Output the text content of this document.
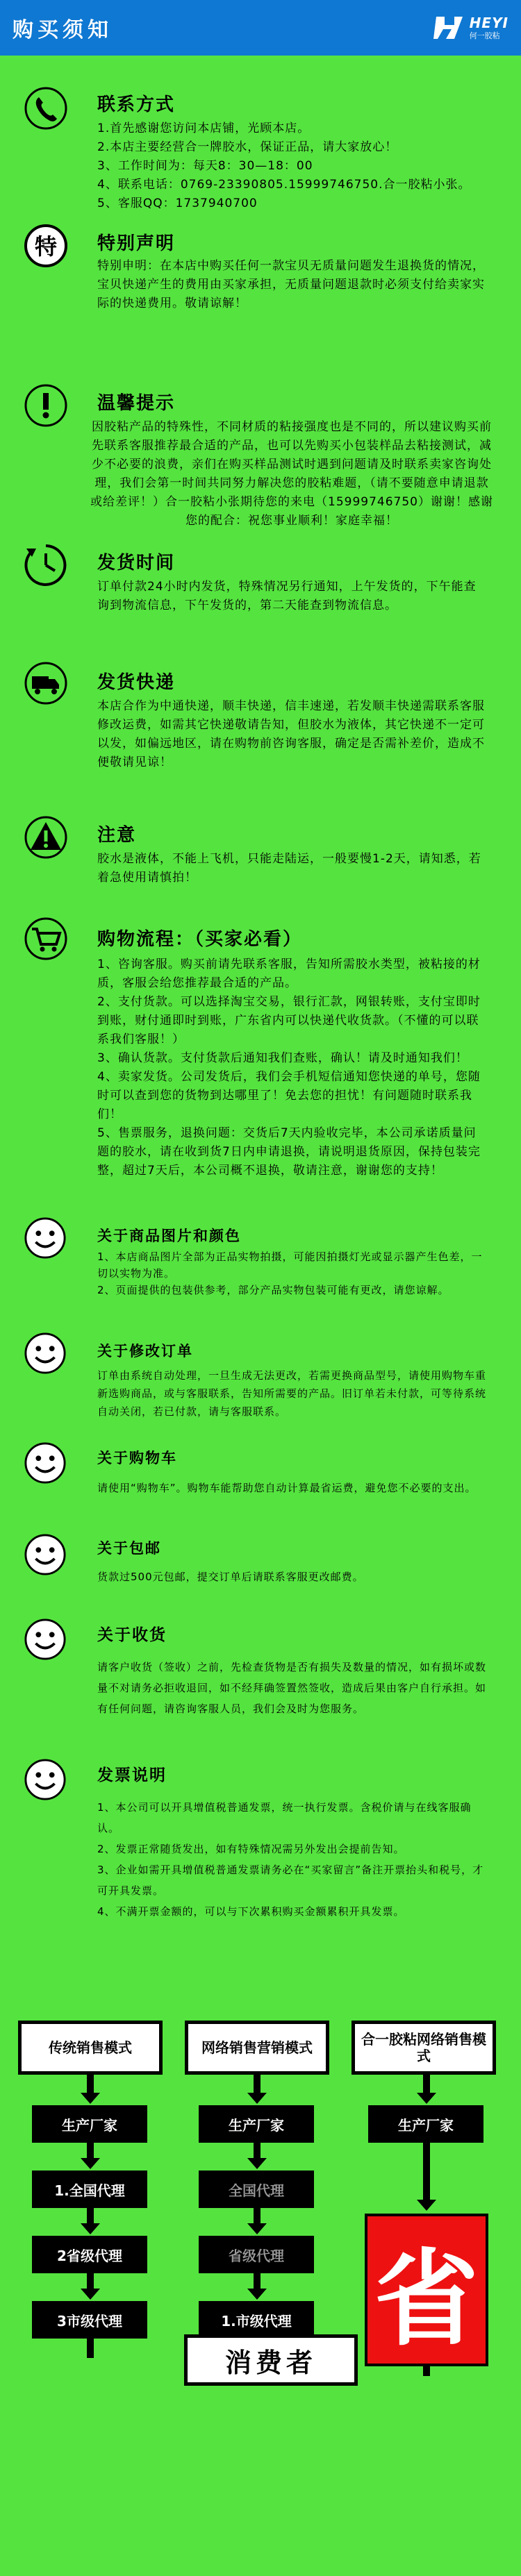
购买须知	HEYI
何一胶粘
联系方式
1.首先感谢您访问本店铺，光顾本店。
2.本店主要经营合一牌胶水，保证正品，请大家放心！
3、工作时间为：每天8：30—18：00
4、联系电话：0769-23390805.15999746750.合一胶粘小张。
5、客服QQ：1737940700
特 特别声明
特别申明：在本店中购买任何一款宝贝无质量问题发生退换货的情况，宝贝快递产生的费用由买家承担，无质量问题退款时必须支付给卖家实际的快递费用。敬请谅解！
温馨提示
因胶粘产品的特殊性，不同材质的粘接强度也是不同的，所以建议购买前先联系客服推荐最合适的产品，也可以先购买小包装样品去粘接测试，减少不必要的浪费，亲们在购买样品测试时遇到问题请及时联系卖家咨询处理，我们会第一时间共同努力解决您的胶粘难题，（请不要随意申请退款或给差评！）合一胶粘小张期待您的来电（15999746750）谢谢！感谢您的配合：祝您事业顺利！家庭幸福！
发货时间
订单付款24小时内发货，特殊情况另行通知，上午发货的，下午能查询到物流信息，下午发货的，第二天能查到物流信息。
发货快递
本店合作为中通快递，顺丰快递，信丰速递，若发顺丰快递需联系客服修改运费，如需其它快递敬请告知，但胶水为液体，其它快递不一定可以发，如偏远地区，请在购物前咨询客服，确定是否需补差价，造成不便敬请见谅！
注意
胶水是液体，不能上飞机，只能走陆运，一般要慢1-2天，请知悉，若着急使用请慎拍！
购物流程：（买家必看）
1、咨询客服。购买前请先联系客服，告知所需胶水类型，被粘接的材质，客服会给您推荐最合适的产品。
2、支付货款。可以选择淘宝交易，银行汇款，网银转账，支付宝即时到账，财付通即时到账，广东省内可以快递代收货款。（不懂的可以联系我们客服！）
3、确认货款。支付货款后通知我们查账，确认！请及时通知我们！
4、卖家发货。公司发货后，我们会手机短信通知您快递的单号，您随时可以查到您的货物到达哪里了！免去您的担忧！有问题随时联系我们！
5、售票服务，退换问题：交货后7天内验收完毕，本公司承诺质量问题的胶水，请在收到货7日内申请退换，请说明退货原因，保持包装完整，超过7天后，本公司概不退换，敬请注意，谢谢您的支持！
关于商品图片和颜色
1、本店商品图片全部为正品实物拍摄，可能因拍摄灯光或显示器产生色差，一切以实物为准。
2、页面提供的包装供参考，部分产品实物包装可能有更改，请您谅解。
关于修改订单
订单由系统自动处理，一旦生成无法更改，若需更换商品型号，请使用购物车重新选购商品，或与客服联系，告知所需要的产品。旧订单若未付款，可等待系统自动关闭，若已付款，请与客服联系。
关于购物车
请使用“购物车”。购物车能帮助您自动计算最省运费，避免您不必要的支出。
关于包邮
货款过500元包邮，提交订单后请联系客服更改邮费。
关于收货
请客户收货（签收）之前，先检查货物是否有损失及数量的情况，如有损坏或数量不对请务必拒收退回，如不经拜确签置然签收，造成后果由客户自行承担。如有任何问题，请咨询客服人员，我们会及时为您服务。
发票说明
1、本公司可以开具增值税普通发票，统一执行发票。含税价请与在线客服确认。
2、发票正常随货发出，如有特殊情况需另外发出会提前告知。
3、企业如需开具增值税普通发票请务必在“买家留言”备注开票抬头和税号，才可开具发票。
4、不满开票金额的，可以与下次累积购买金额累积开具发票。
传统销售模式	网络销售营销模式	合一胶粘网络销售模式
生产厂家
1.全国代理
2省级代理
3市级代理
生产厂家
全国代理
省级代理
1.市级代理
生产厂家
省
消费者
